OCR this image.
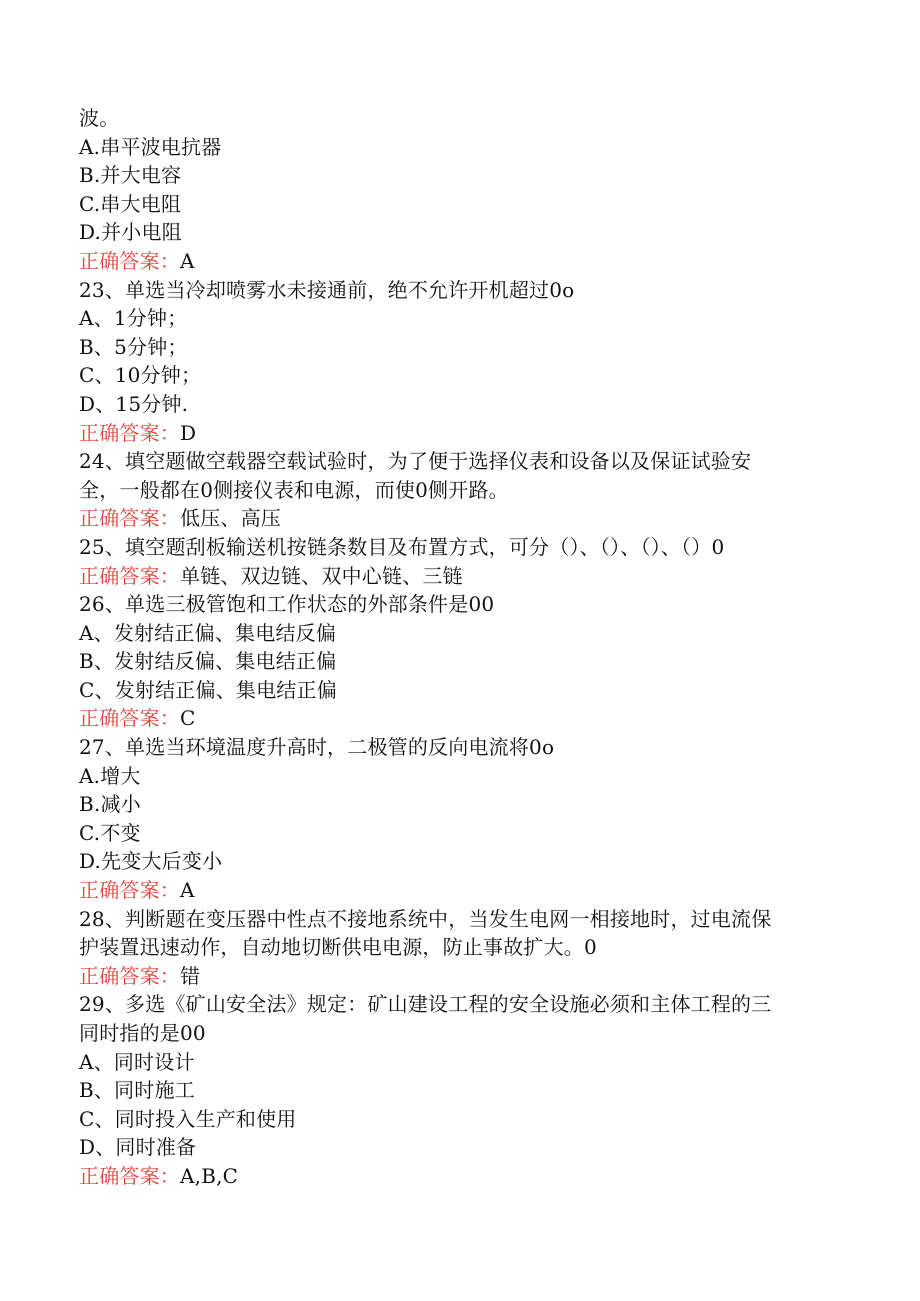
波。
A.串平波电抗器
B.并大电容
C.串大电阻
D.并小电阻
正确答案：A
23、单选当冷却喷雾水未接通前，绝不允许开机超过0o
A、1分钟；
B、5分钟；
C、10分钟；
D、15分钟.
正确答案：D
24、填空题做空载器空载试验时，为了便于选择仪表和设备以及保证试验安
全，一般都在0侧接仪表和电源，而使0侧开路。
正确答案：低压、高压
25、填空题刮板输送机按链条数目及布置方式，可分（）、（）、（）、（）0
正确答案：单链、双边链、双中心链、三链
26、单选三极管饱和工作状态的外部条件是00
A、发射结正偏、集电结反偏
B、发射结反偏、集电结正偏
C、发射结正偏、集电结正偏
正确答案：C
27、单选当环境温度升高时，二极管的反向电流将0o
A.增大
B.减小
C.不变
D.先变大后变小
正确答案：A
28、判断题在变压器中性点不接地系统中，当发生电网一相接地时，过电流保
护装置迅速动作，自动地切断供电电源，防止事故扩大。0
正确答案：错
29、多选《矿山安全法》规定：矿山建设工程的安全设施必须和主体工程的三
同时指的是00
A、同时设计
B、同时施工
C、同时投入生产和使用
D、同时准备
正确答案：A,B,C
